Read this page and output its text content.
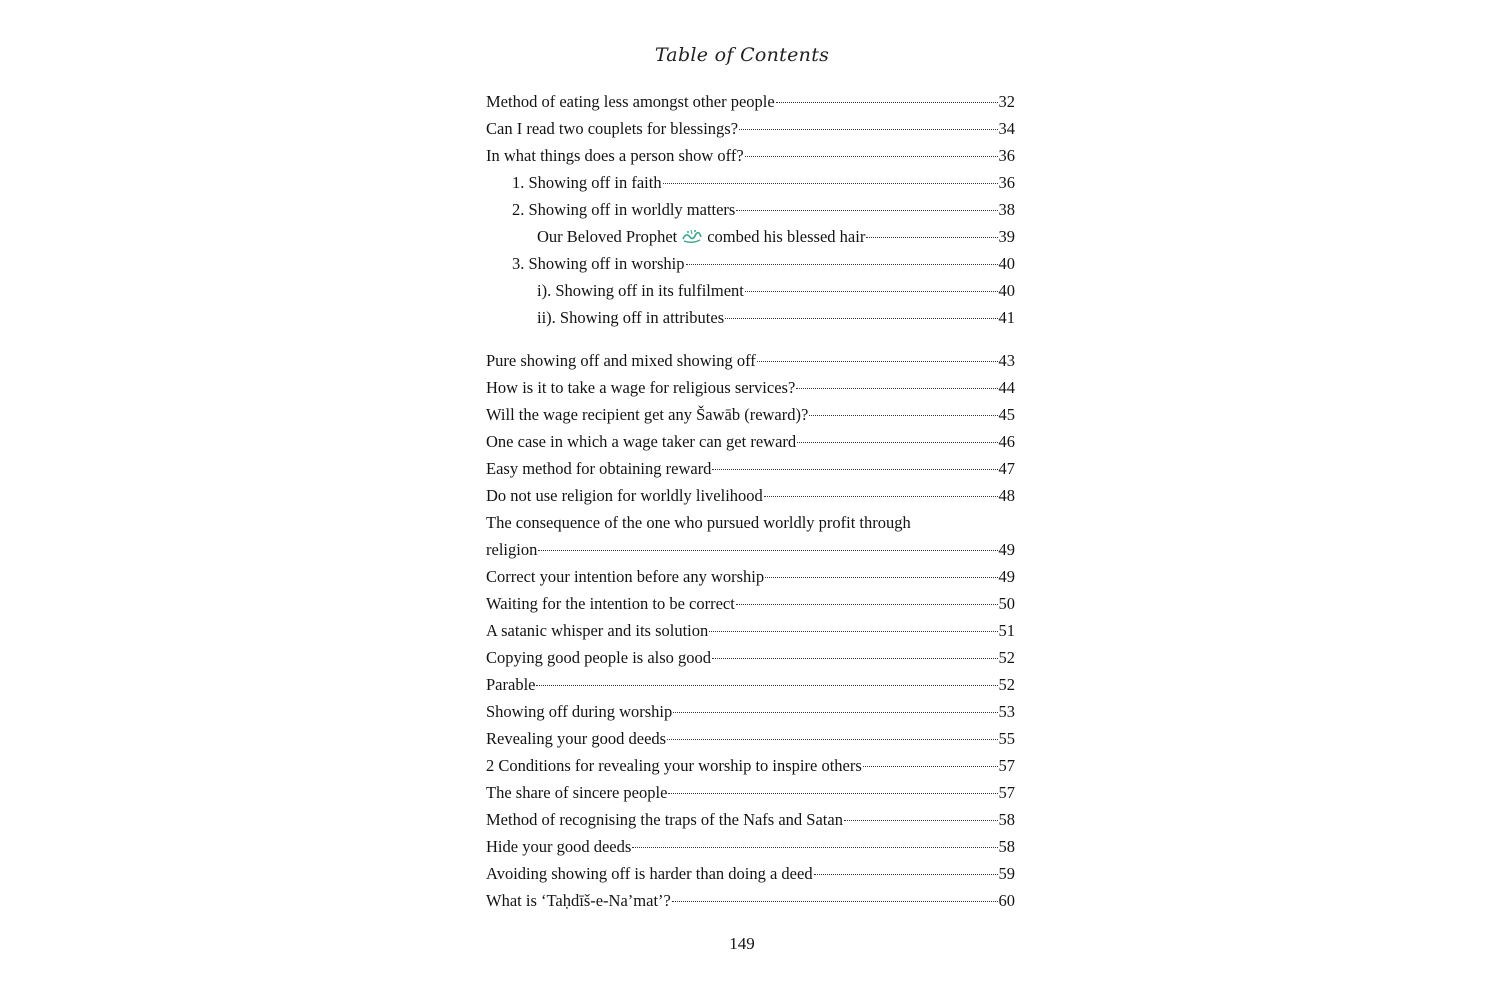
Table of Contents
Method of eating less amongst other people	32
Can I read two couplets for blessings?	34
In what things does a person show off?	36
1. Showing off in faith	36
2. Showing off in worldly matters	38
Our Beloved Prophet combed his blessed hair	39
3. Showing off in worship	40
i). Showing off in its fulfilment	40
ii). Showing off in attributes	41
Pure showing off and mixed showing off	43
How is it to take a wage for religious services?	44
Will the wage recipient get any Šawāb (reward)?	45
One case in which a wage taker can get reward	46
Easy method for obtaining reward	47
Do not use religion for worldly livelihood	48
The consequence of the one who pursued worldly profit through
religion	49
Correct your intention before any worship	49
Waiting for the intention to be correct	50
A satanic whisper and its solution	51
Copying good people is also good	52
Parable	52
Showing off during worship	53
Revealing your good deeds	55
2 Conditions for revealing your worship to inspire others	57
The share of sincere people	57
Method of recognising the traps of the Nafs and Satan	58
Hide your good deeds	58
Avoiding showing off is harder than doing a deed	59
What is ‘Taḥdīš-e-Na’mat’?	60
149
